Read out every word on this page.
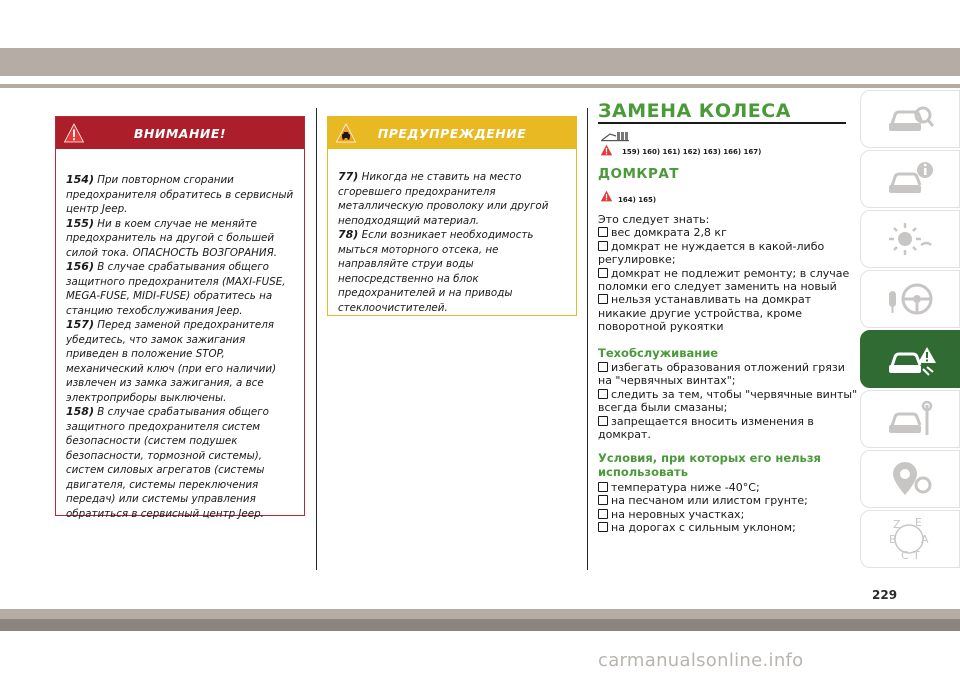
ВНИМАНИЕ!

154) При повторном сгорании предохранителя обратитесь в сервисный центр Jeep.

155) Ни в коем случае не меняйте предохранитель на другой с большей силой тока. ОПАСНОСТЬ ВОЗГОРАНИЯ.

156) В случае срабатывания общего защитного предохранителя (MAXI-FUSE, MEGA-FUSE, MIDI-FUSE) обратитесь на станцию техобслуживания Jeep.

157) Перед заменой предохранителя убедитесь, что замок зажигания приведен в положение STOP, механический ключ (при его наличии) извлечен из замка зажигания, а все электроприборы выключены.

158) В случае срабатывания общего защитного предохранителя систем безопасности (систем подушек безопасности, тормозной системы), систем силовых агрегатов (системы двигателя, системы переключения передач) или системы управления обратиться в сервисный центр Jeep.

ПРЕДУПРЕЖДЕНИЕ

77) Никогда не ставить на место сгоревшего предохранителя металлическую проволоку или другой неподходящий материал.

78) Если возникает необходимость мыться моторного отсека, не направляйте струи воды непосредственно на блок предохранителей и на приводы стеклоочистителей.

ЗАМЕНА КОЛЕСА
159) 160) 161) 162) 163) 166) 167)
ДОМКРАТ
164) 165)

Это следует знать:

вес домкрата 2,8 кг

домкрат не нуждается в какой-либо регулировке;

домкрат не подлежит ремонту; в случае поломки его следует заменить на новый

нельзя устанавливать на домкрат никакие другие устройства, кроме поворотной рукоятки

Техобслуживание

избегать образования отложений грязи на "червячных винтах";

следить за тем, чтобы "червячные винты" всегда были смазаны;

запрещается вносить изменения в домкрат.

Условия, при которых его нельзя использовать

температура ниже -40°C;

на песчаном или илистом грунте;

на неровных участках;

на дорогах с сильным уклоном;	Z E
B A
C T
229
carmanualsonline.info
